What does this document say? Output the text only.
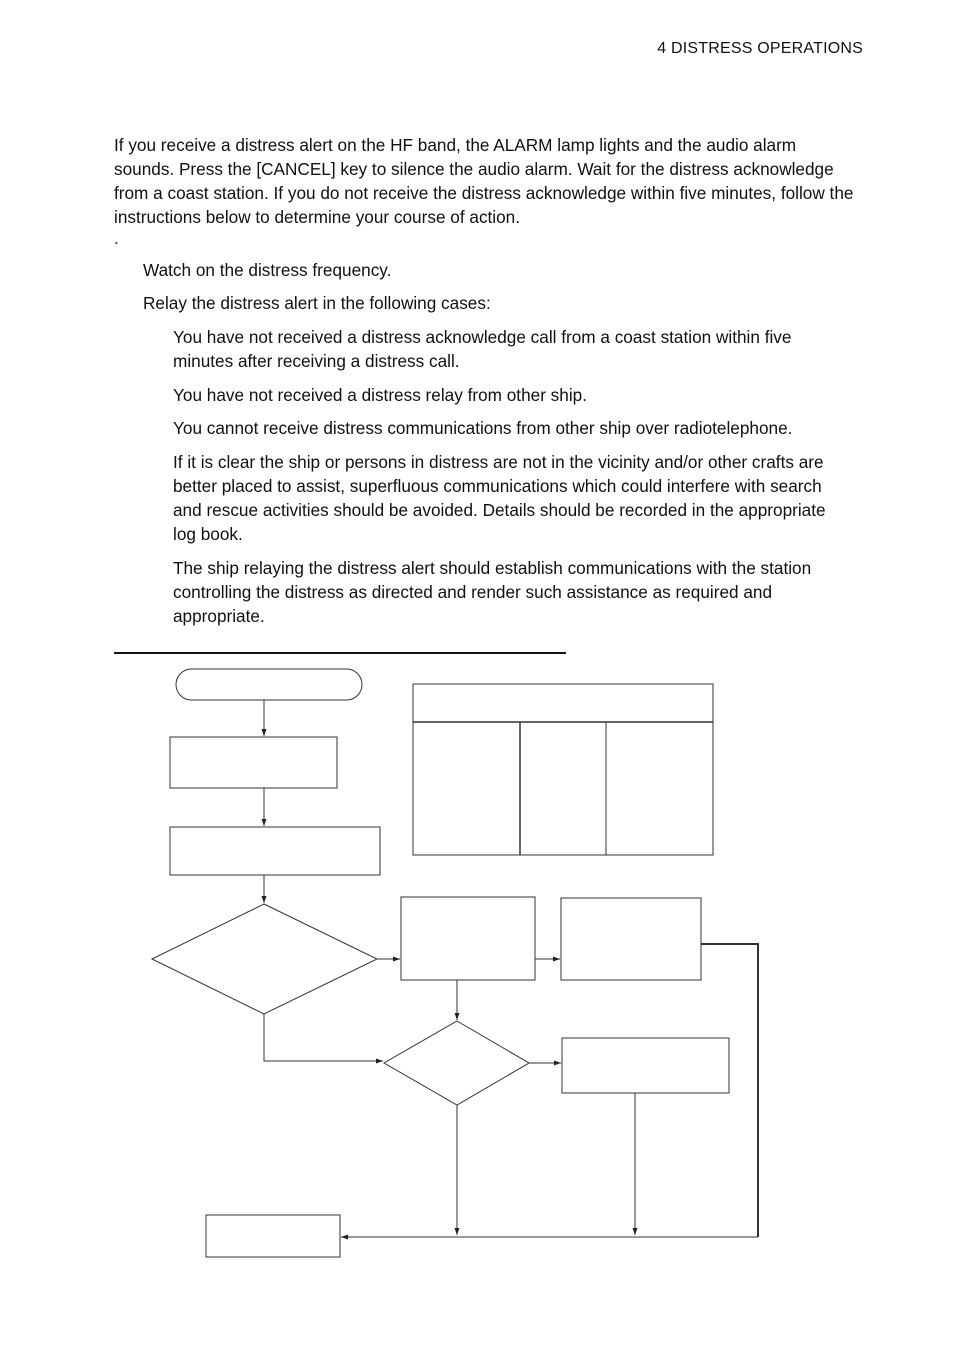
4 DISTRESS OPERATIONS

If you receive a distress alert on the HF band, the ALARM lamp lights and the audio alarm sounds. Press the [CANCEL] key to silence the audio alarm. Wait for the distress acknowledge from a coast station. If you do not receive the distress acknowledge within five minutes, follow the instructions below to determine your course of action.

.

Watch on the distress frequency.

Relay the distress alert in the following cases:

You have not received a distress acknowledge call from a coast station within five minutes after receiving a distress call.

You have not received a distress relay from other ship.

You cannot receive distress communications from other ship over radiotelephone.

If it is clear the ship or persons in distress are not in the vicinity and/or other crafts are better placed to assist, superfluous communications which could interfere with search and rescue activities should be avoided. Details should be recorded in the appropriate log book.

The ship relaying the distress alert should establish communications with the station controlling the distress as directed and render such assistance as required and appropriate.
